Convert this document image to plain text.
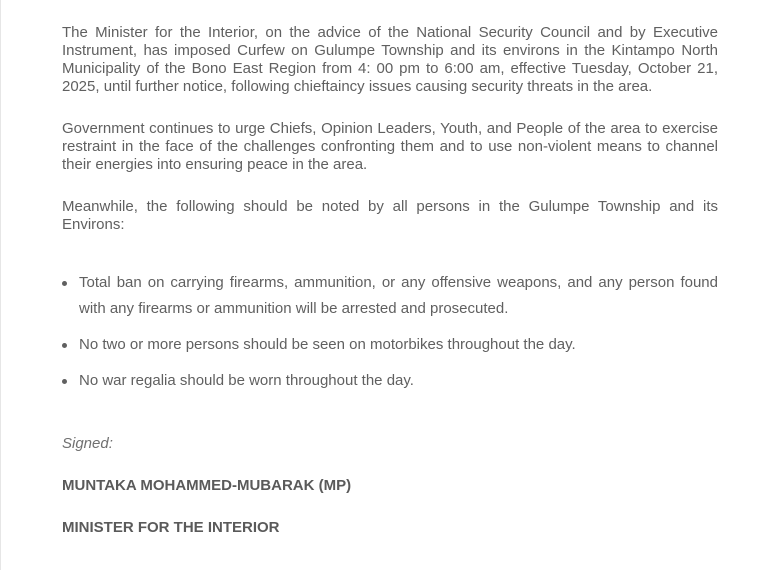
The Minister for the Interior, on the advice of the National Security Council and by Executive Instrument, has imposed Curfew on Gulumpe Township and its environs in the Kintampo North Municipality of the Bono East Region from 4: 00 pm to 6:00 am, effective Tuesday, October 21, 2025, until further notice, following chieftaincy issues causing security threats in the area.

Government continues to urge Chiefs, Opinion Leaders, Youth, and People of the area to exercise restraint in the face of the challenges confronting them and to use non-violent means to channel their energies into ensuring peace in the area.

Meanwhile, the following should be noted by all persons in the Gulumpe Township and its Environs:

Total ban on carrying firearms, ammunition, or any offensive weapons, and any person found with any firearms or ammunition will be arrested and prosecuted.
No two or more persons should be seen on motorbikes throughout the day.
No war regalia should be worn throughout the day.

Signed:

MUNTAKA MOHAMMED-MUBARAK (MP)

MINISTER FOR THE INTERIOR
